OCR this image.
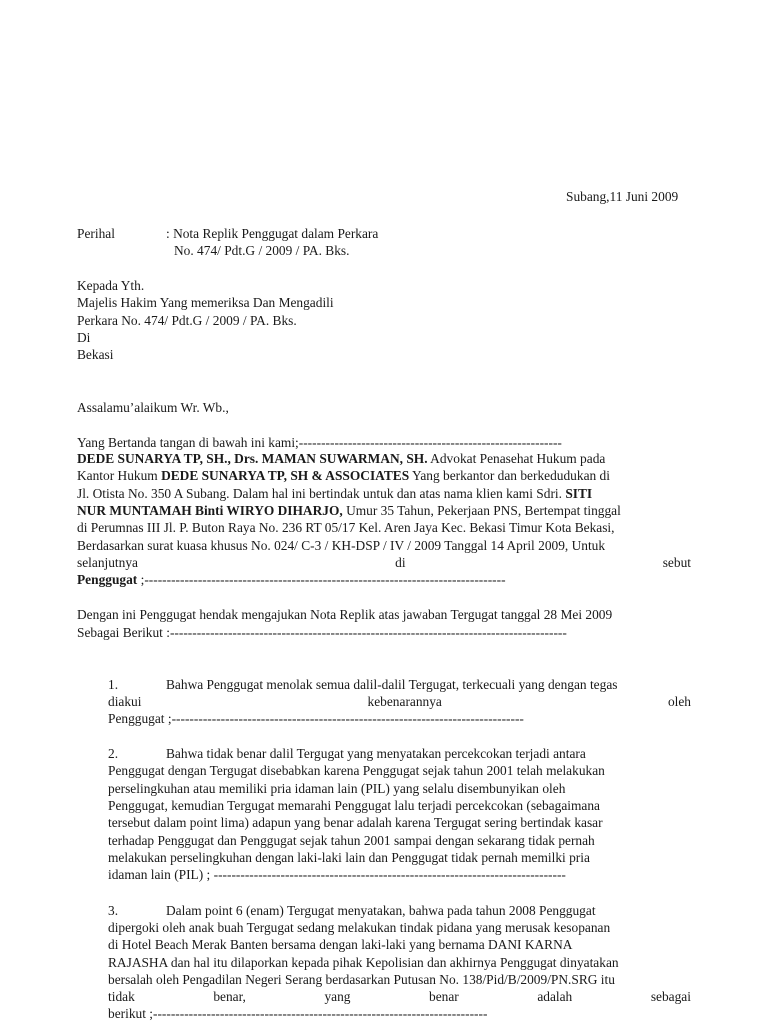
Subang,11 Juni 2009
Perihal	: Nota Replik Penggugat dalam Perkara
No. 474/ Pdt.G / 2009 / PA. Bks.
Kepada Yth.
Majelis Hakim Yang memeriksa Dan Mengadili
Perkara No. 474/ Pdt.G / 2009 / PA. Bks.
Di
Bekasi
Assalamu’alaikum Wr. Wb.,
Yang Bertanda tangan di bawah ini kami;-----------------------------------------------------------
DEDE SUNARYA TP, SH., Drs. MAMAN SUWARMAN, SH. Advokat Penasehat Hukum pada
Kantor Hukum DEDE SUNARYA TP, SH & ASSOCIATES Yang berkantor dan berkedudukan di
Jl. Otista No. 350 A Subang. Dalam hal ini bertindak untuk dan atas nama klien kami Sdri. SITI
NUR MUNTAMAH Binti WIRYO DIHARJO, Umur 35 Tahun, Pekerjaan PNS, Bertempat tinggal
di Perumnas III Jl. P. Buton Raya No. 236 RT 05/17 Kel. Aren Jaya Kec. Bekasi Timur Kota Bekasi,
Berdasarkan surat kuasa khusus No. 024/ C-3 / KH-DSP / IV / 2009 Tanggal 14 April 2009, Untuk
selanjutnya	di	sebut
Penggugat ;---------------------------------------------------------------------------------
Dengan ini Penggugat hendak mengajukan Nota Replik atas jawaban Tergugat tanggal 28 Mei 2009
Sebagai Berikut :-----------------------------------------------------------------------------------------
1.	Bahwa Penggugat menolak semua dalil-dalil Tergugat, terkecuali yang dengan tegas
diakui	kebenarannya	oleh
Penggugat ;-------------------------------------------------------------------------------
2.	Bahwa tidak benar dalil Tergugat yang menyatakan percekcokan terjadi antara
Penggugat dengan Tergugat disebabkan karena Penggugat sejak tahun 2001 telah melakukan
perselingkuhan atau memiliki pria idaman lain (PIL) yang selalu disembunyikan oleh
Penggugat, kemudian Tergugat memarahi Penggugat lalu terjadi percekcokan (sebagaimana
tersebut dalam point lima) adapun yang benar adalah karena Tergugat sering bertindak kasar
terhadap Penggugat dan Penggugat sejak tahun 2001 sampai dengan sekarang tidak pernah
melakukan perselingkuhan dengan laki-laki lain dan Penggugat tidak pernah memilki pria
idaman lain (PIL) ; -------------------------------------------------------------------------------
3.	Dalam point 6 (enam) Tergugat menyatakan, bahwa pada tahun 2008 Penggugat
dipergoki oleh anak buah Tergugat sedang melakukan tindak pidana yang merusak kesopanan
di Hotel Beach Merak Banten bersama dengan laki-laki yang bernama DANI KARNA
RAJASHA dan hal itu dilaporkan kepada pihak Kepolisian dan akhirnya Penggugat dinyatakan
bersalah oleh Pengadilan Negeri Serang berdasarkan Putusan No. 138/Pid/B/2009/PN.SRG itu
tidak	benar,	yang	benar	adalah	sebagai
berikut ;---------------------------------------------------------------------------
